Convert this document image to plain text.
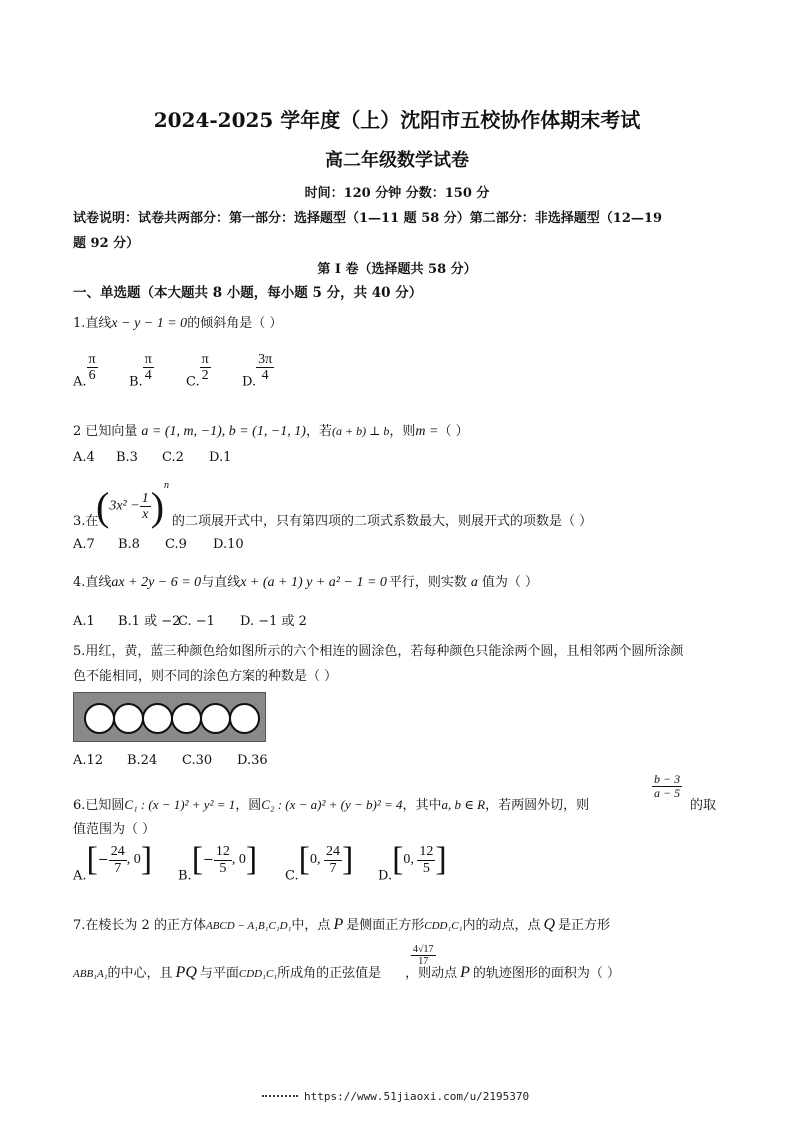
2024-2025 学年度（上）沈阳市五校协作体期末考试
高二年级数学试卷
时间：120 分钟 分数：150 分
试卷说明：试卷共两部分：第一部分：选择题型（1—11 题 58 分）第二部分：非选择题型（12—19
题 92 分）
第 I 卷（选择题共 58 分）
一、单选题（本大题共 8 小题，每小题 5 分，共 40 分）
1.直线x − y − 1 = 0的倾斜角是（ ）
A. $\frac{\pi}{6} B$. $\frac{\pi}{4} C$. $\frac{\pi}{2} D$. $\frac{3\pi}{4}$
2 已知向量 a = (1, m, −1), b = (1, −1, 1)，若(a + b) ⊥ b，则m =（ ）
A.4 B.3 C.2 D.1
$(3x^2 - \frac{1}{x} )^n$
3.在	的二项展开式中，只有第四项的二项式系数最大，则展开式的项数是（ ）
A.7 B.8 C.9 D.10
4.直线ax + 2y − 6 = 0与直线x + (a + 1) y + a² − 1 = 0 平行，则实数 a 值为（ ）
A.1 B.1 或 −2C. −1 D. −1 或 2
5.用红，黄，蓝三种颜色给如图所示的六个相连的圆涂色，若每种颜色只能涂两个圆，且相邻两个圆所涂颜
色不能相同，则不同的涂色方案的种数是（ ）
A.12 B.24 C.30 D.36
$\frac{b - 3}{a - 5}$
6.已知圆C₁ : (x − 1)² + y² = 1，圆C₂ : (x − a)² + (y − b)² = 4，其中a, b ∈ R，若两圆外切，则	的取
值范围为（ ）
$A.[- \frac{24}{7}$ , 0] $B.[- \frac{12}{5}$ , 0] C.[0, $\frac{24}{7}$ ] D.[0, $\frac{12}{5}$ ]
7.在棱长为 2 的正方体ABCD − A₁B₁C₁D₁中，点 P 是侧面正方形CDD₁C₁内的动点，点 Q 是正方形
$\frac{4√17}{17}$
ABB₁A₁的中心，且 PQ 与平面CDD₁C₁所成角的正弦值是 ，则动点 P 的轨迹图形的面积为（ ）
https://www.51jiaoxi.com/u/2195370
